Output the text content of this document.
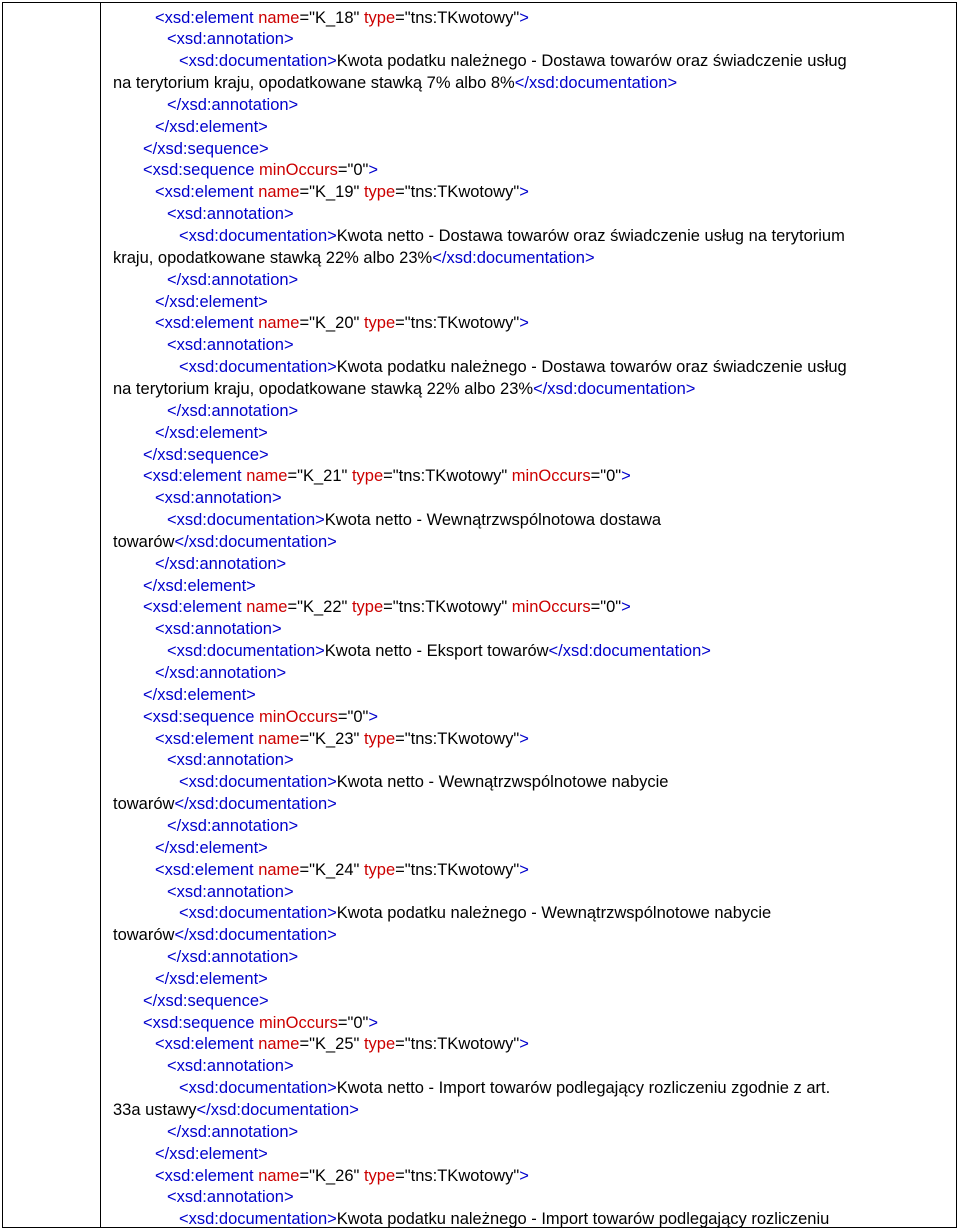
<xsd:element name="K_18" type="tns:TKwotowy">
<xsd:annotation>
<xsd:documentation>Kwota podatku należnego - Dostawa towarów oraz świadczenie usług
na terytorium kraju, opodatkowane stawką 7% albo 8%</xsd:documentation>
</xsd:annotation>
</xsd:element>
</xsd:sequence>
<xsd:sequence minOccurs="0">
<xsd:element name="K_19" type="tns:TKwotowy">
<xsd:annotation>
<xsd:documentation>Kwota netto - Dostawa towarów oraz świadczenie usług na terytorium
kraju, opodatkowane stawką 22% albo 23%</xsd:documentation>
</xsd:annotation>
</xsd:element>
<xsd:element name="K_20" type="tns:TKwotowy">
<xsd:annotation>
<xsd:documentation>Kwota podatku należnego - Dostawa towarów oraz świadczenie usług
na terytorium kraju, opodatkowane stawką 22% albo 23%</xsd:documentation>
</xsd:annotation>
</xsd:element>
</xsd:sequence>
<xsd:element name="K_21" type="tns:TKwotowy" minOccurs="0">
<xsd:annotation>
<xsd:documentation>Kwota netto - Wewnątrzwspólnotowa dostawa
towarów</xsd:documentation>
</xsd:annotation>
</xsd:element>
<xsd:element name="K_22" type="tns:TKwotowy" minOccurs="0">
<xsd:annotation>
<xsd:documentation>Kwota netto - Eksport towarów</xsd:documentation>
</xsd:annotation>
</xsd:element>
<xsd:sequence minOccurs="0">
<xsd:element name="K_23" type="tns:TKwotowy">
<xsd:annotation>
<xsd:documentation>Kwota netto - Wewnątrzwspólnotowe nabycie
towarów</xsd:documentation>
</xsd:annotation>
</xsd:element>
<xsd:element name="K_24" type="tns:TKwotowy">
<xsd:annotation>
<xsd:documentation>Kwota podatku należnego - Wewnątrzwspólnotowe nabycie
towarów</xsd:documentation>
</xsd:annotation>
</xsd:element>
</xsd:sequence>
<xsd:sequence minOccurs="0">
<xsd:element name="K_25" type="tns:TKwotowy">
<xsd:annotation>
<xsd:documentation>Kwota netto - Import towarów podlegający rozliczeniu zgodnie z art.
33a ustawy</xsd:documentation>
</xsd:annotation>
</xsd:element>
<xsd:element name="K_26" type="tns:TKwotowy">
<xsd:annotation>
<xsd:documentation>Kwota podatku należnego - Import towarów podlegający rozliczeniu
